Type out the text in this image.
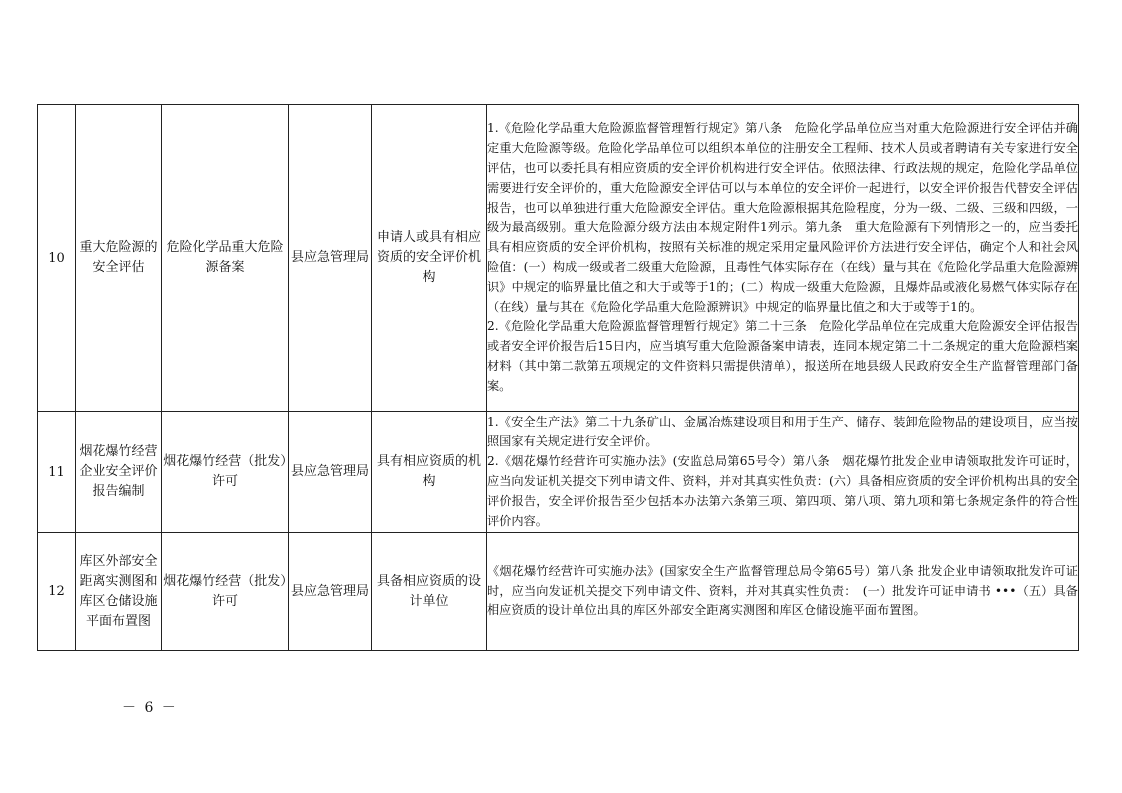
10	重大危险源的安全评估	危险化学品重大危险源备案	县应急管理局	申请人或具有相应资质的安全评价机构	1.《危险化学品重大危险源监督管理暂行规定》第八条　危险化学品单位应当对重大危险源进行安全评估并确定重大危险源等级。危险化学品单位可以组织本单位的注册安全工程师、技术人员或者聘请有关专家进行安全评估，也可以委托具有相应资质的安全评价机构进行安全评估。依照法律、行政法规的规定，危险化学品单位需要进行安全评价的，重大危险源安全评估可以与本单位的安全评价一起进行，以安全评价报告代替安全评估报告，也可以单独进行重大危险源安全评估。重大危险源根据其危险程度，分为一级、二级、三级和四级，一级为最高级别。重大危险源分级方法由本规定附件1列示。第九条　重大危险源有下列情形之一的，应当委托具有相应资质的安全评价机构，按照有关标准的规定采用定量风险评价方法进行安全评估，确定个人和社会风险值：(一）构成一级或者二级重大危险源，且毒性气体实际存在（在线）量与其在《危险化学品重大危险源辨识》中规定的临界量比值之和大于或等于1的；(二）构成一级重大危险源，且爆炸品或液化易燃气体实际存在（在线）量与其在《危险化学品重大危险源辨识》中规定的临界量比值之和大于或等于1的。

2.《危险化学品重大危险源监督管理暂行规定》第二十三条　危险化学品单位在完成重大危险源安全评估报告或者安全评价报告后15日内，应当填写重大危险源备案申请表，连同本规定第二十二条规定的重大危险源档案材料（其中第二款第五项规定的文件资料只需提供清单），报送所在地县级人民政府安全生产监督管理部门备案。

11	烟花爆竹经营企业安全评价报告编制	烟花爆竹经营（批发）许可	县应急管理局	具有相应资质的机构	1.《安全生产法》第二十九条矿山、金属冶炼建设项目和用于生产、储存、装卸危险物品的建设项目，应当按照国家有关规定进行安全评价。

2.《烟花爆竹经营许可实施办法》(安监总局第65号令）第八条　烟花爆竹批发企业申请领取批发许可证时，应当向发证机关提交下列申请文件、资料，并对其真实性负责：(六）具备相应资质的安全评价机构出具的安全评价报告，安全评价报告至少包括本办法第六条第三项、第四项、第八项、第九项和第七条规定条件的符合性评价内容。

12	库区外部安全距离实测图和库区仓储设施平面布置图	烟花爆竹经营（批发）许可	县应急管理局	具备相应资质的设计单位	《烟花爆竹经营许可实施办法》(国家安全生产监督管理总局令第65号）第八条 批发企业申请领取批发许可证时，应当向发证机关提交下列申请文件、资料，并对其真实性负责：　(一）批发许可证申请书 •••（五）具备相应资质的设计单位出具的库区外部安全距离实测图和库区仓储设施平面布置图。

－ 6 －
